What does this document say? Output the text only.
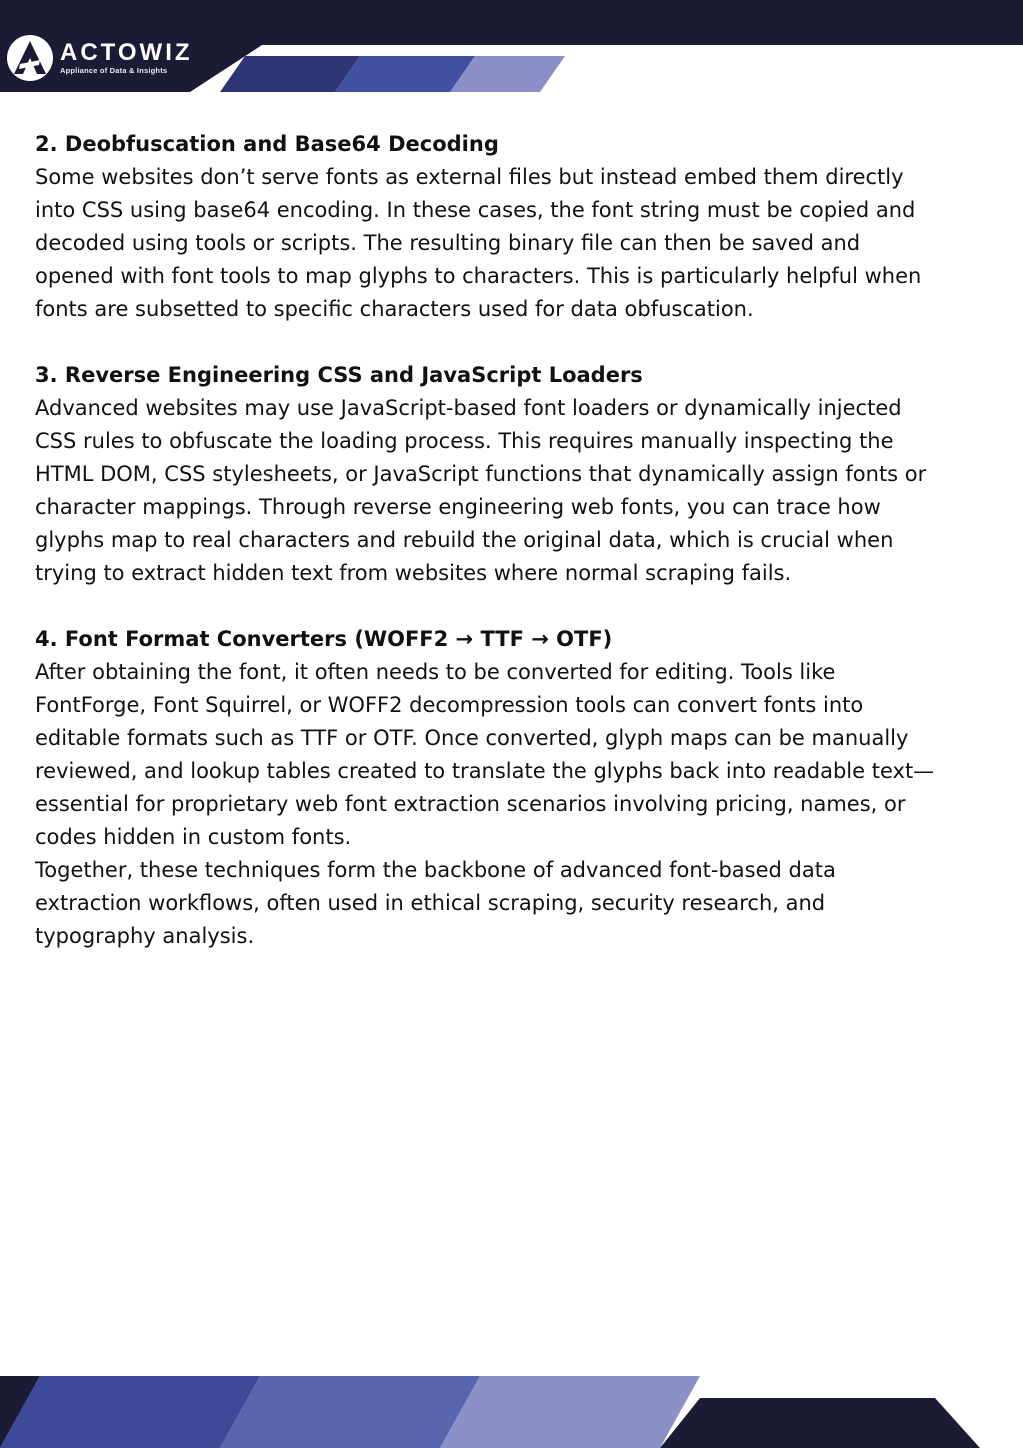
ACTOWIZ
Appliance of Data & Insights

2. Deobfuscation and Base64 Decoding

Some websites don’t serve fonts as external files but instead embed them directly

into CSS using base64 encoding. In these cases, the font string must be copied and

decoded using tools or scripts. The resulting binary file can then be saved and

opened with font tools to map glyphs to characters. This is particularly helpful when

fonts are subsetted to specific characters used for data obfuscation.

3. Reverse Engineering CSS and JavaScript Loaders

Advanced websites may use JavaScript-based font loaders or dynamically injected

CSS rules to obfuscate the loading process. This requires manually inspecting the

HTML DOM, CSS stylesheets, or JavaScript functions that dynamically assign fonts or

character mappings. Through reverse engineering web fonts, you can trace how

glyphs map to real characters and rebuild the original data, which is crucial when

trying to extract hidden text from websites where normal scraping fails.

4. Font Format Converters (WOFF2 → TTF → OTF)

After obtaining the font, it often needs to be converted for editing. Tools like

FontForge, Font Squirrel, or WOFF2 decompression tools can convert fonts into

editable formats such as TTF or OTF. Once converted, glyph maps can be manually

reviewed, and lookup tables created to translate the glyphs back into readable text—

essential for proprietary web font extraction scenarios involving pricing, names, or

codes hidden in custom fonts.

Together, these techniques form the backbone of advanced font-based data

extraction workflows, often used in ethical scraping, security research, and

typography analysis.
